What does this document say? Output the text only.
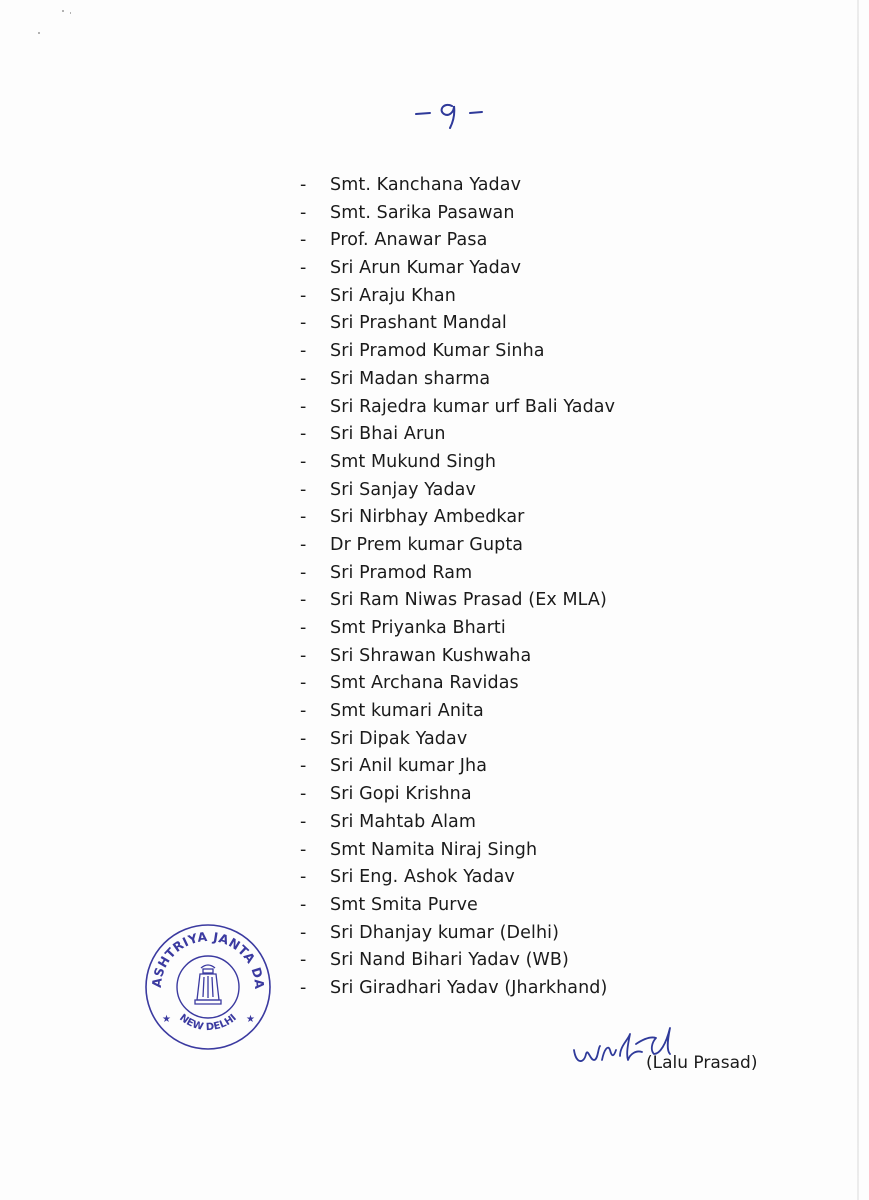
- Smt. Kanchana Yadav
- Smt. Sarika Pasawan
- Prof. Anawar Pasa
- Sri Arun Kumar Yadav
- Sri Araju Khan
- Sri Prashant Mandal
- Sri Pramod Kumar Sinha
- Sri Madan sharma
- Sri Rajedra kumar urf Bali Yadav
- Sri Bhai Arun
- Smt Mukund Singh
- Sri Sanjay Yadav
- Sri Nirbhay Ambedkar
- Dr Prem kumar Gupta
- Sri Pramod Ram
- Sri Ram Niwas Prasad (Ex MLA)
- Smt Priyanka Bharti
- Sri Shrawan Kushwaha
- Smt Archana Ravidas
- Smt kumari Anita
- Sri Dipak Yadav
- Sri Anil kumar Jha
- Sri Gopi Krishna
- Sri Mahtab Alam
- Smt Namita Niraj Singh
- Sri Eng. Ashok Yadav
- Smt Smita Purve
- Sri Dhanjay kumar (Delhi)
- Sri Nand Bihari Yadav (WB)
- Sri Giradhari Yadav (Jharkhand)
ASHTRIYA JANTA DA
NEW DELHI
★	★
(Lalu Prasad)
